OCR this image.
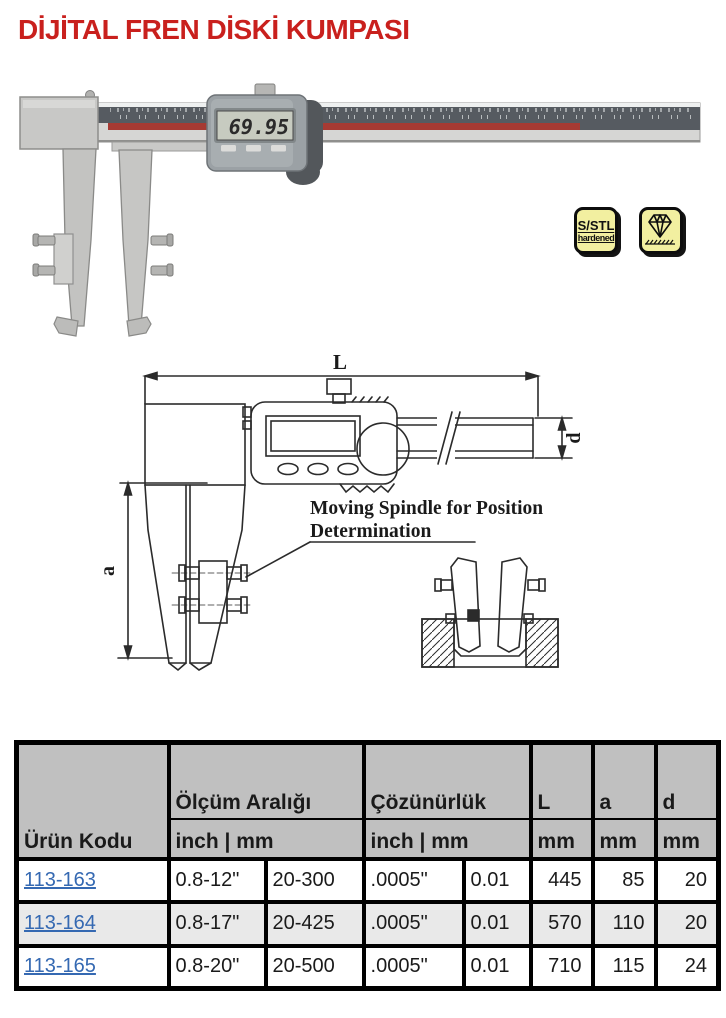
DİJİTAL FREN DİSKİ KUMPASI
69.95
S/STL
hardened
L
d
a
Moving Spindle for Position
Determination
Ürün Kodu	Ölçüm Aralığı		Çözünürlük		L	a	d
	inch | mm		inch | mm		mm	mm	mm
113-163	0.8-12"	20-300	.0005"	0.01	445	85	20
113-164	0.8-17"	20-425	.0005"	0.01	570	110	20
113-165	0.8-20"	20-500	.0005"	0.01	710	115	24
